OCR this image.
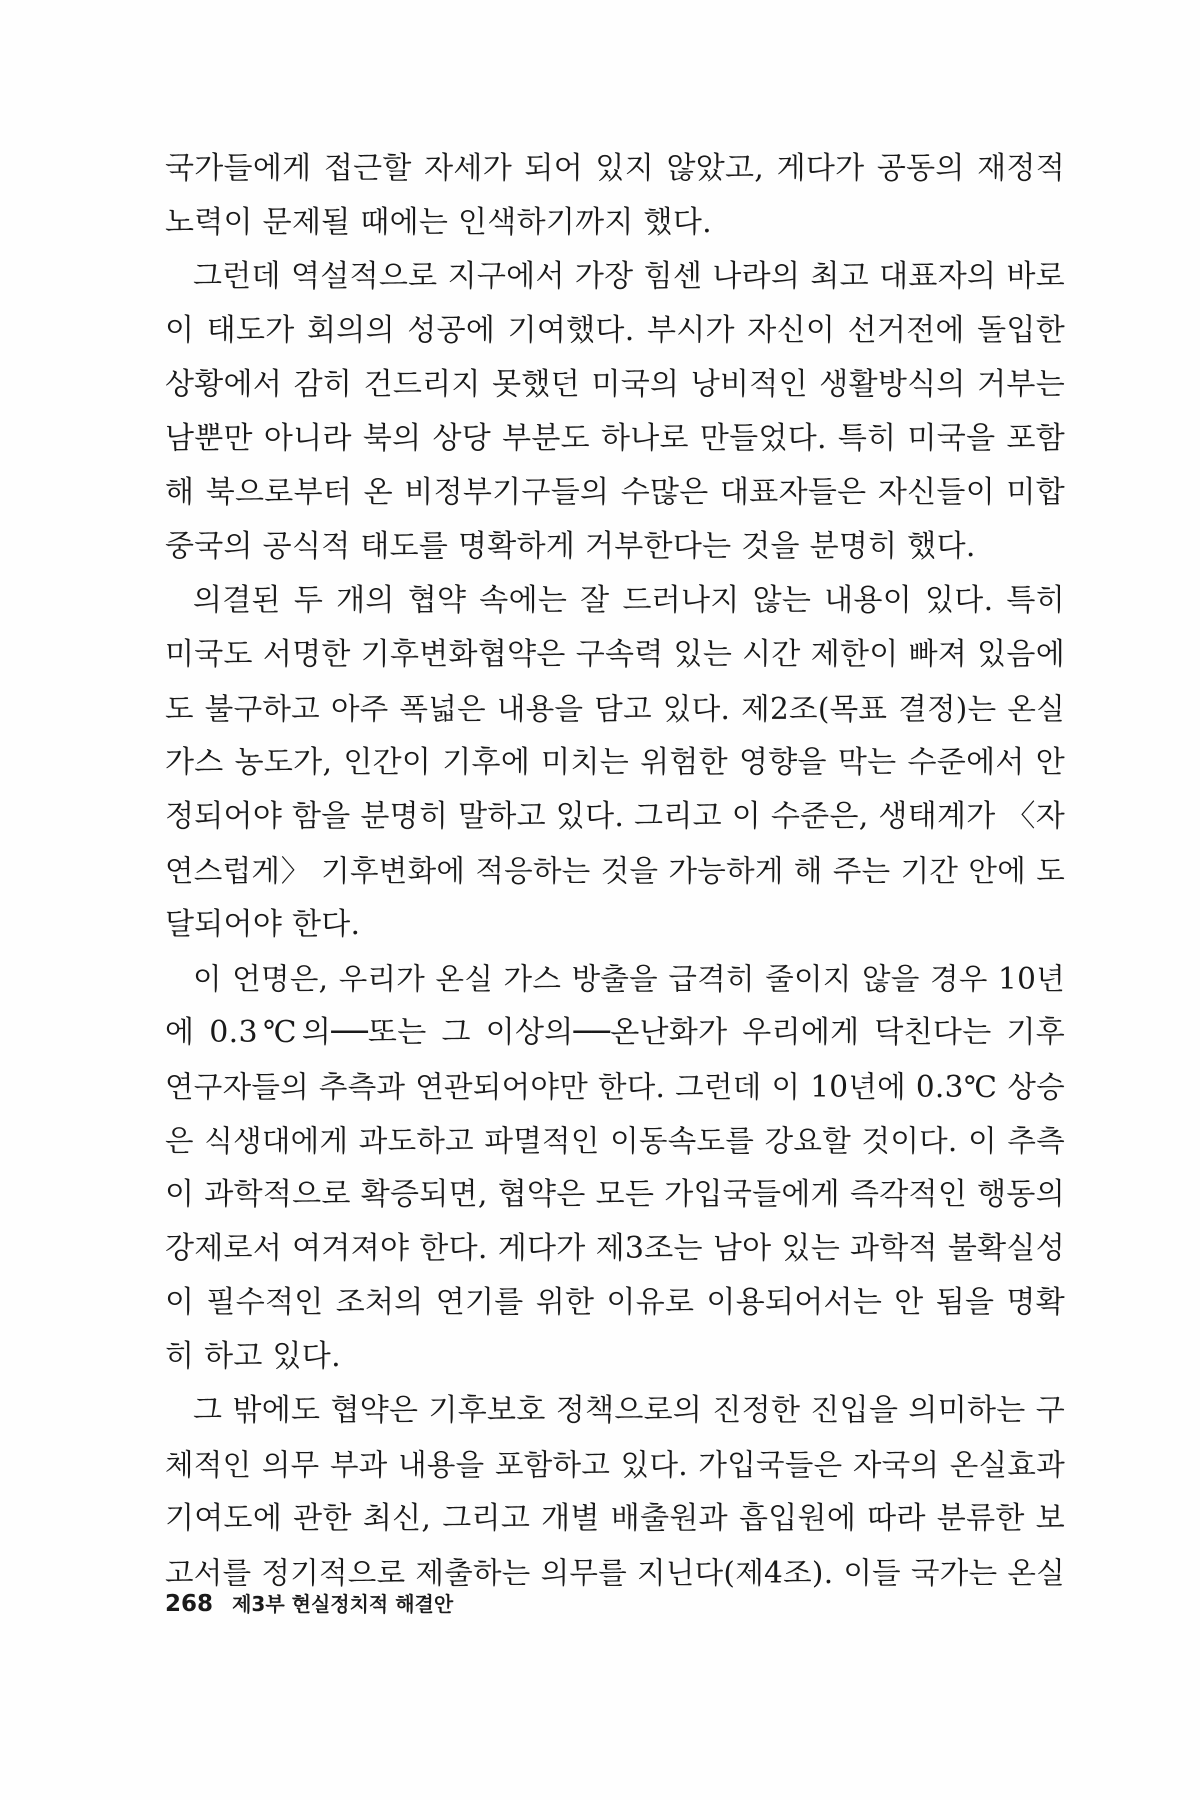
국가들에게 접근할 자세가 되어 있지 않았고, 게다가 공동의 재정적
노력이 문제될 때에는 인색하기까지 했다.
그런데 역설적으로 지구에서 가장 힘센 나라의 최고 대표자의 바로
이 태도가 회의의 성공에 기여했다. 부시가 자신이 선거전에 돌입한
상황에서 감히 건드리지 못했던 미국의 낭비적인 생활방식의 거부는
남뿐만 아니라 북의 상당 부분도 하나로 만들었다. 특히 미국을 포함
해 북으로부터 온 비정부기구들의 수많은 대표자들은 자신들이 미합
중국의 공식적 태도를 명확하게 거부한다는 것을 분명히 했다.
의결된 두 개의 협약 속에는 잘 드러나지 않는 내용이 있다. 특히
미국도 서명한 기후변화협약은 구속력 있는 시간 제한이 빠져 있음에
도 불구하고 아주 폭넓은 내용을 담고 있다. 제2조(목표 결정)는 온실
가스 농도가, 인간이 기후에 미치는 위험한 영향을 막는 수준에서 안
정되어야 함을 분명히 말하고 있다. 그리고 이 수준은, 생태계가 〈자
연스럽게〉 기후변화에 적응하는 것을 가능하게 해 주는 기간 안에 도
달되어야 한다.
이 언명은, 우리가 온실 가스 방출을 급격히 줄이지 않을 경우 10년
에 0.3℃의──또는 그 이상의──온난화가 우리에게 닥친다는 기후
연구자들의 추측과 연관되어야만 한다. 그런데 이 10년에 0.3℃ 상승
은 식생대에게 과도하고 파멸적인 이동속도를 강요할 것이다. 이 추측
이 과학적으로 확증되면, 협약은 모든 가입국들에게 즉각적인 행동의
강제로서 여겨져야 한다. 게다가 제3조는 남아 있는 과학적 불확실성
이 필수적인 조처의 연기를 위한 이유로 이용되어서는 안 됨을 명확
히 하고 있다.
그 밖에도 협약은 기후보호 정책으로의 진정한 진입을 의미하는 구
체적인 의무 부과 내용을 포함하고 있다. 가입국들은 자국의 온실효과
기여도에 관한 최신, 그리고 개별 배출원과 흡입원에 따라 분류한 보
고서를 정기적으로 제출하는 의무를 지닌다(제4조). 이들 국가는 온실
268 제3부 현실정치적 해결안
